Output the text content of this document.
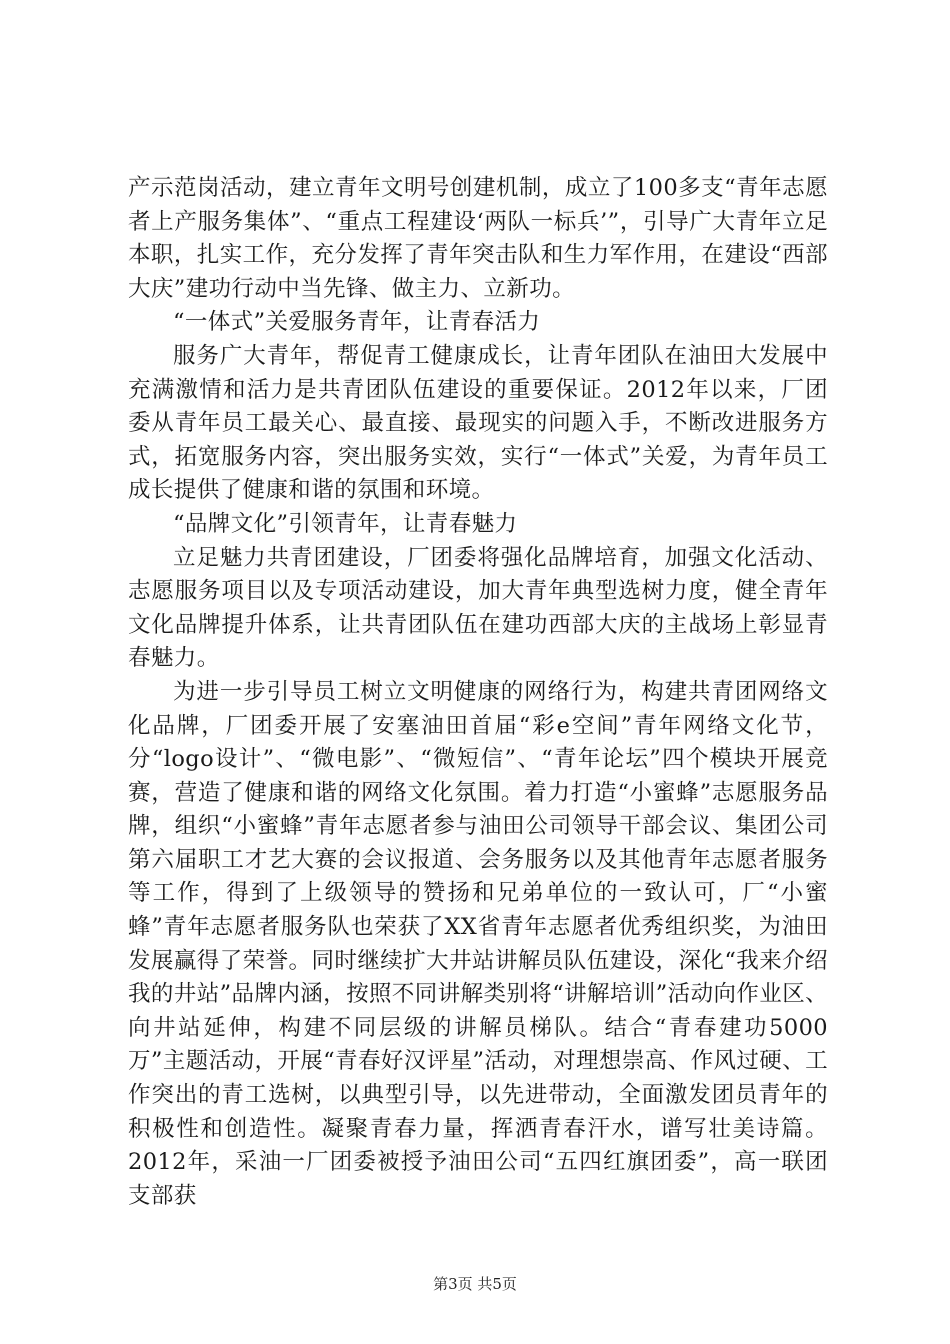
产示范岗活动，建立青年文明号创建机制，成立了100多支“青年志愿者上产服务集体”、“重点工程建设‘两队一标兵’”，引导广大青年立足本职，扎实工作，充分发挥了青年突击队和生力军作用，在建设“西部大庆”建功行动中当先锋、做主力、立新功。

“一体式”关爱服务青年，让青春活力

服务广大青年，帮促青工健康成长，让青年团队在油田大发展中充满激情和活力是共青团队伍建设的重要保证。2012年以来，厂团委从青年员工最关心、最直接、最现实的问题入手，不断改进服务方式，拓宽服务内容，突出服务实效，实行“一体式”关爱，为青年员工成长提供了健康和谐的氛围和环境。

“品牌文化”引领青年，让青春魅力

立足魅力共青团建设，厂团委将强化品牌培育，加强文化活动、志愿服务项目以及专项活动建设，加大青年典型选树力度，健全青年文化品牌提升体系，让共青团队伍在建功西部大庆的主战场上彰显青春魅力。

为进一步引导员工树立文明健康的网络行为，构建共青团网络文化品牌，厂团委开展了安塞油田首届“彩e空间”青年网络文化节，分“logo设计”、“微电影”、“微短信”、“青年论坛”四个模块开展竞赛，营造了健康和谐的网络文化氛围。着力打造“小蜜蜂”志愿服务品牌，组织“小蜜蜂”青年志愿者参与油田公司领导干部会议、集团公司第六届职工才艺大赛的会议报道、会务服务以及其他青年志愿者服务等工作，得到了上级领导的赞扬和兄弟单位的一致认可，厂“小蜜蜂”青年志愿者服务队也荣获了XX省青年志愿者优秀组织奖，为油田发展赢得了荣誉。同时继续扩大井站讲解员队伍建设，深化“我来介绍我的井站”品牌内涵，按照不同讲解类别将“讲解培训”活动向作业区、向井站延伸，构建不同层级的讲解员梯队。结合“青春建功5000万”主题活动，开展“青春好汉评星”活动，对理想崇高、作风过硬、工作突出的青工选树，以典型引导，以先进带动，全面激发团员青年的积极性和创造性。凝聚青春力量，挥洒青春汗水，谱写壮美诗篇。2012年，采油一厂团委被授予油田公司“五四红旗团委”，高一联团支部获

第3页 共5页
